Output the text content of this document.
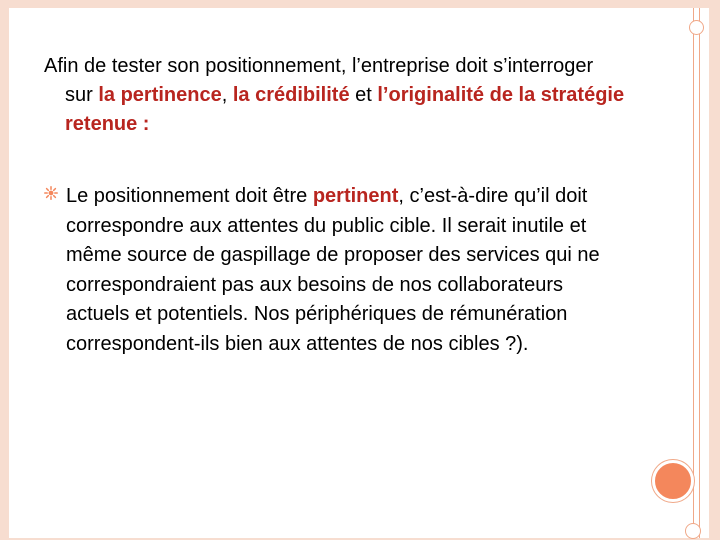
Afin de tester son positionnement, l’entreprise doit s’interroger sur la pertinence, la crédibilité et l’originalité de la stratégie retenue :
Le positionnement doit être pertinent, c’est-à-dire qu’il doit correspondre aux attentes du public cible. Il serait inutile et même source de gaspillage de proposer des services qui ne correspondraient pas aux besoins de nos collaborateurs actuels et potentiels. Nos périphériques de rémunération correspondent-ils bien aux attentes de nos cibles ?).
